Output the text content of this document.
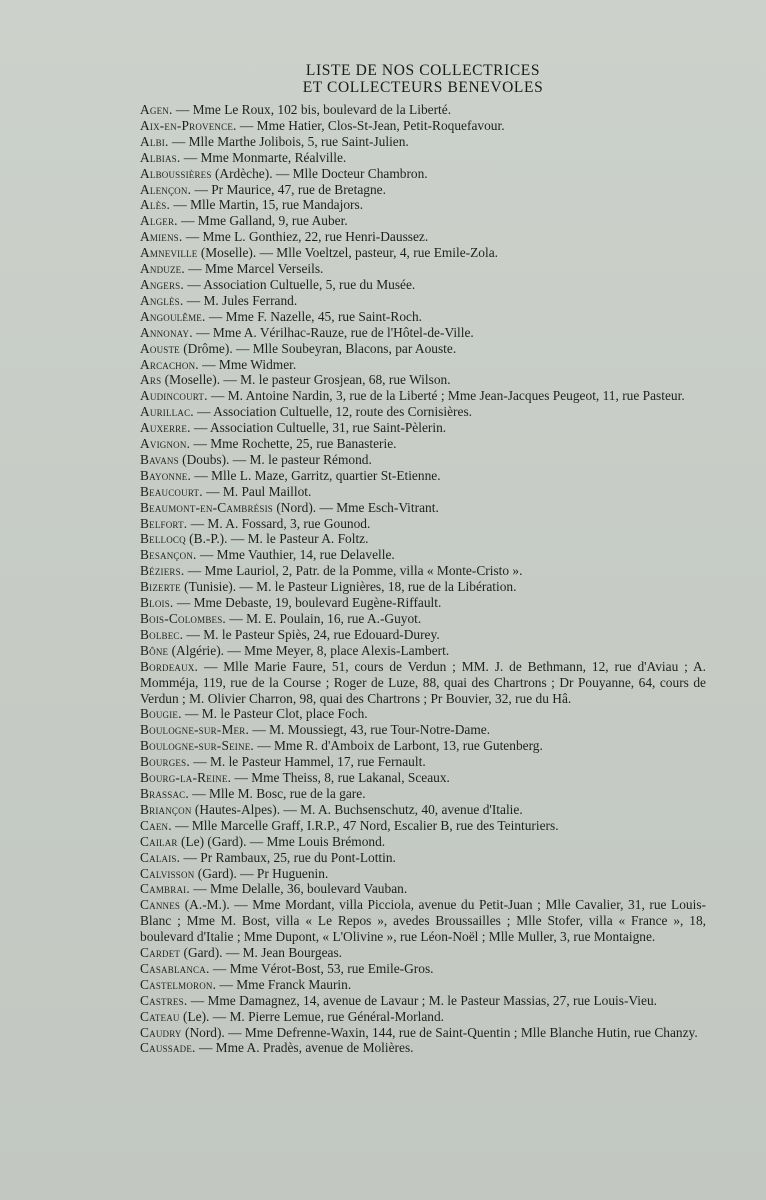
LISTE DE NOS COLLECTRICES
ET COLLECTEURS BENEVOLES

Agen. — Mme Le Roux, 102 bis, boulevard de la Liberté.

Aix-en-Provence. — Mme Hatier, Clos-St-Jean, Petit-Roquefavour.

Albi. — Mlle Marthe Jolibois, 5, rue Saint-Julien.

Albias. — Mme Monmarte, Réalville.

Alboussières (Ardèche). — Mlle Docteur Chambron.

Alençon. — Pr Maurice, 47, rue de Bretagne.

Alès. — Mlle Martin, 15, rue Mandajors.

Alger. — Mme Galland, 9, rue Auber.

Amiens. — Mme L. Gonthiez, 22, rue Henri-Daussez.

Amneville (Moselle). — Mlle Voeltzel, pasteur, 4, rue Emile-Zola.

Anduze. — Mme Marcel Verseils.

Angers. — Association Cultuelle, 5, rue du Musée.

Anglès. — M. Jules Ferrand.

Angoulême. — Mme F. Nazelle, 45, rue Saint-Roch.

Annonay. — Mme A. Vérilhac-Rauze, rue de l'Hôtel-de-Ville.

Aouste (Drôme). — Mlle Soubeyran, Blacons, par Aouste.

Arcachon. — Mme Widmer.

Ars (Moselle). — M. le pasteur Grosjean, 68, rue Wilson.

Audincourt. — M. Antoine Nardin, 3, rue de la Liberté ; Mme Jean-Jacques Peugeot, 11, rue Pasteur.

Aurillac. — Association Cultuelle, 12, route des Cornisières.

Auxerre. — Association Cultuelle, 31, rue Saint-Pèlerin.

Avignon. — Mme Rochette, 25, rue Banasterie.

Bavans (Doubs). — M. le pasteur Rémond.

Bayonne. — Mlle L. Maze, Garritz, quartier St-Etienne.

Beaucourt. — M. Paul Maillot.

Beaumont-en-Cambrésis (Nord). — Mme Esch-Vitrant.

Belfort. — M. A. Fossard, 3, rue Gounod.

Bellocq (B.-P.). — M. le Pasteur A. Foltz.

Besançon. — Mme Vauthier, 14, rue Delavelle.

Béziers. — Mme Lauriol, 2, Patr. de la Pomme, villa « Monte-Cristo ».

Bizerte (Tunisie). — M. le Pasteur Lignières, 18, rue de la Libération.

Blois. — Mme Debaste, 19, boulevard Eugène-Riffault.

Bois-Colombes. — M. E. Poulain, 16, rue A.-Guyot.

Bolbec. — M. le Pasteur Spiès, 24, rue Edouard-Durey.

Bône (Algérie). — Mme Meyer, 8, place Alexis-Lambert.

Bordeaux. — Mlle Marie Faure, 51, cours de Verdun ; MM. J. de Bethmann, 12, rue d'Aviau ; A. Momméja, 119, rue de la Course ; Roger de Luze, 88, quai des Chartrons ; Dr Pouyanne, 64, cours de Verdun ; M. Olivier Charron, 98, quai des Chartrons ; Pr Bouvier, 32, rue du Hâ.

Bougie. — M. le Pasteur Clot, place Foch.

Boulogne-sur-Mer. — M. Moussiegt, 43, rue Tour-Notre-Dame.

Boulogne-sur-Seine. — Mme R. d'Amboix de Larbont, 13, rue Gutenberg.

Bourges. — M. le Pasteur Hammel, 17, rue Fernault.

Bourg-la-Reine. — Mme Theiss, 8, rue Lakanal, Sceaux.

Brassac. — Mlle M. Bosc, rue de la gare.

Briançon (Hautes-Alpes). — M. A. Buchsenschutz, 40, avenue d'Italie.

Caen. — Mlle Marcelle Graff, I.R.P., 47 Nord, Escalier B, rue des Teinturiers.

Cailar (Le) (Gard). — Mme Louis Brémond.

Calais. — Pr Rambaux, 25, rue du Pont-Lottin.

Calvisson (Gard). — Pr Huguenin.

Cambrai. — Mme Delalle, 36, boulevard Vauban.

Cannes (A.-M.). — Mme Mordant, villa Picciola, avenue du Petit-Juan ; Mlle Cavalier, 31, rue Louis-Blanc ; Mme M. Bost, villa « Le Repos », avedes Broussailles ; Mlle Stofer, villa « France », 18, boulevard d'Italie ; Mme Dupont, « L'Olivine », rue Léon-Noël ; Mlle Muller, 3, rue Montaigne.

Cardet (Gard). — M. Jean Bourgeas.

Casablanca. — Mme Vérot-Bost, 53, rue Emile-Gros.

Castelmoron. — Mme Franck Maurin.

Castres. — Mme Damagnez, 14, avenue de Lavaur ; M. le Pasteur Massias, 27, rue Louis-Vieu.

Cateau (Le). — M. Pierre Lemue, rue Général-Morland.

Caudry (Nord). — Mme Defrenne-Waxin, 144, rue de Saint-Quentin ; Mlle Blanche Hutin, rue Chanzy.

Caussade. — Mme A. Pradès, avenue de Molières.
